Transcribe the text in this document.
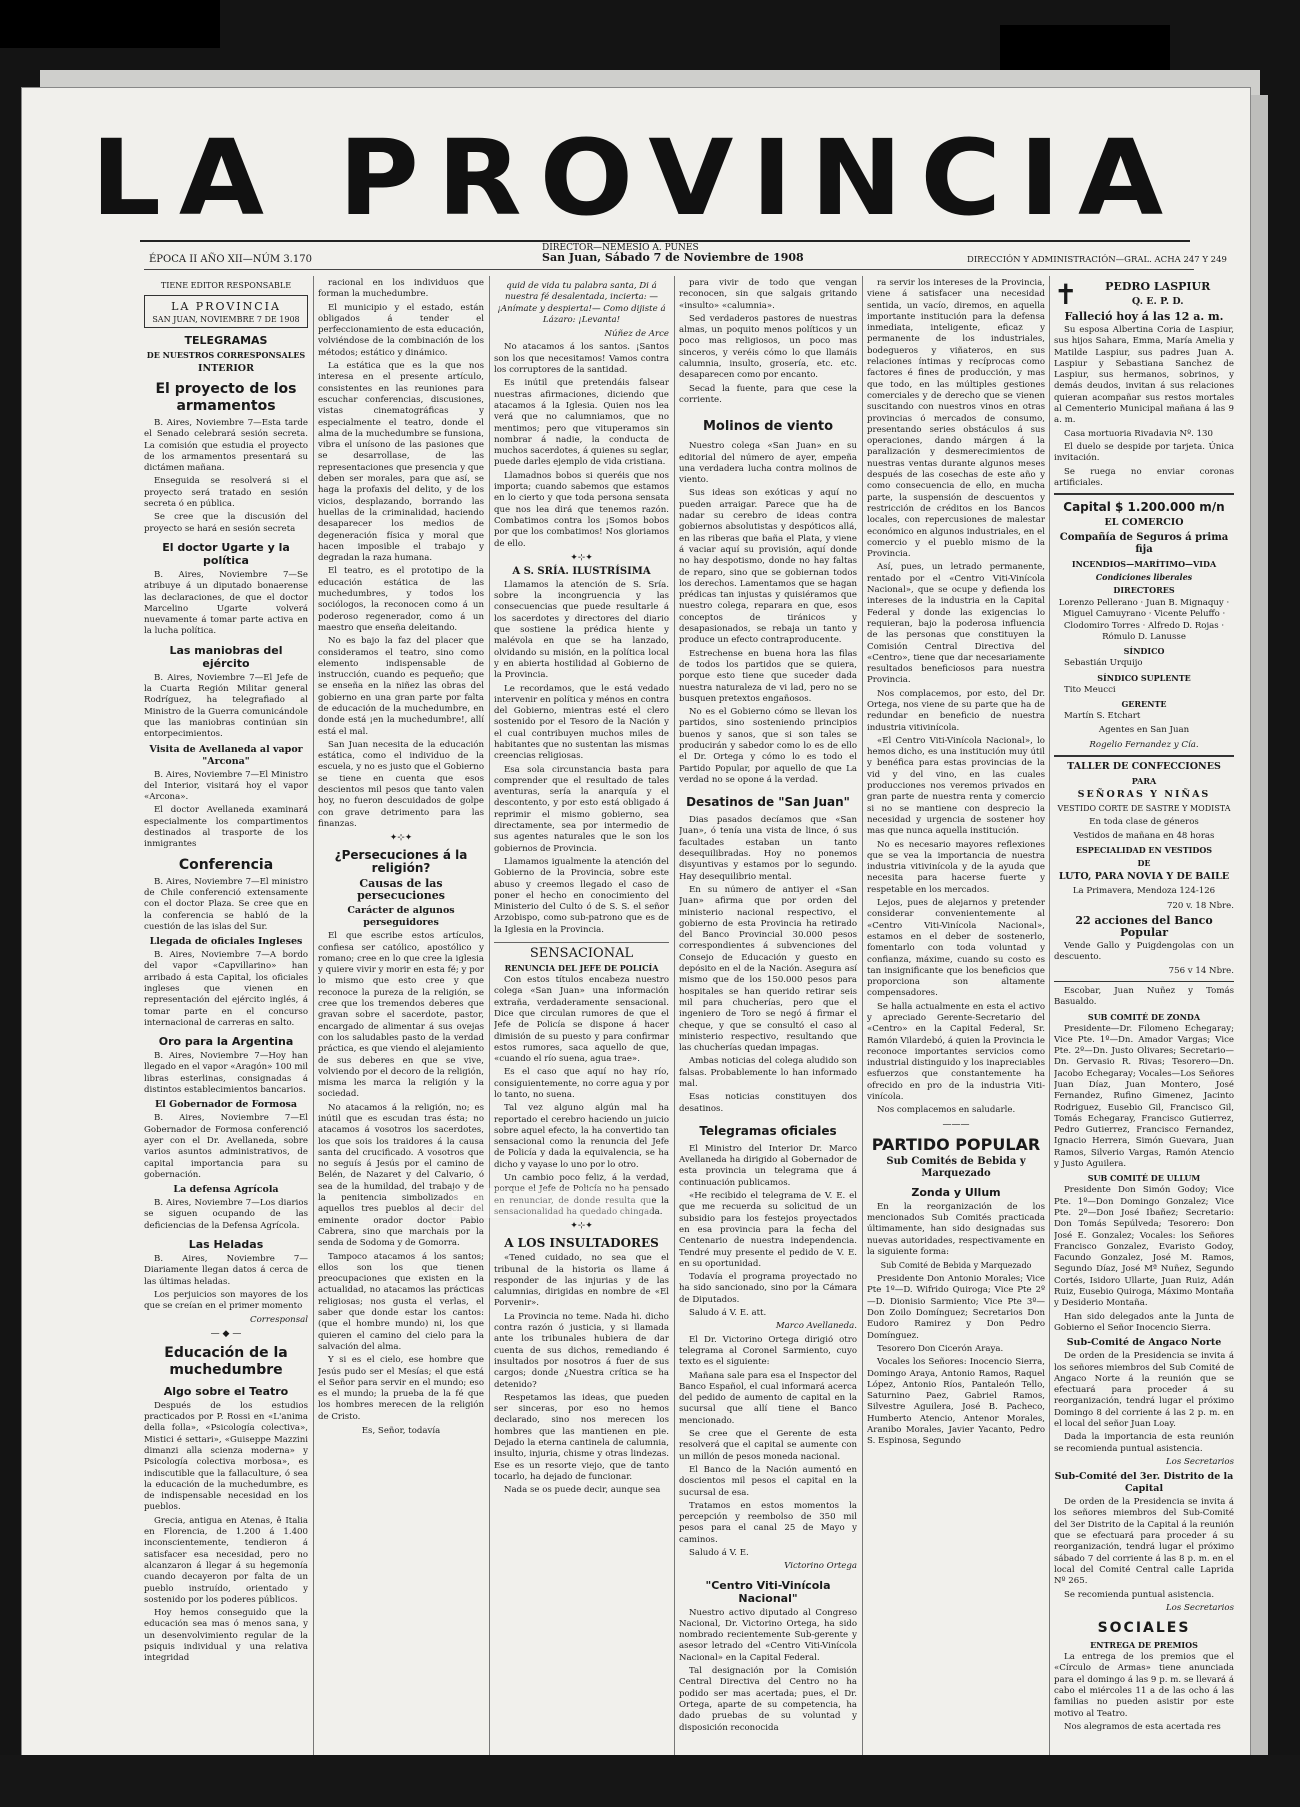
LA PROVINCIA
DIRECTOR—NEMESIO A. PUNES
ÉPOCA II AÑO XII—NÚM 3.170	San Juan, Sábado 7 de Noviembre de 1908	DIRECCIÓN Y ADMINISTRACIÓN—GRAL. ACHA 247 Y 249

TIENE EDITOR RESPONSABLE

LA PROVINCIA
SAN JUAN, NOVIEMBRE 7 DE 1908
TELEGRAMAS
DE NUESTROS CORRESPONSALES
INTERIOR
El proyecto de los armamentos

B. Aires, Noviembre 7—Esta tarde el Senado celebrará sesión secreta. La comisión que estudia el proyecto de los armamentos presentará su dictámen mañana.

Enseguida se resolverá si el proyecto será tratado en sesión secreta ó en pública.

Se cree que la discusión del proyecto se hará en sesión secreta

El doctor Ugarte y la política

B. Aires, Noviembre 7—Se atribuye á un diputado bonaerense las declaraciones, de que el doctor Marcelino Ugarte volverá nuevamente á tomar parte activa en la lucha política.

Las maniobras del ejército

B. Aires, Noviembre 7—El Jefe de la Cuarta Región Militar general Rodríguez, ha telegrafiado al Ministro de la Guerra comunicándole que las maniobras continúan sin entorpecimientos.

Visita de Avellaneda al vapor "Arcona"

B. Aires, Noviembre 7—El Ministro del Interior, visitará hoy el vapor «Arcona».

El doctor Avellaneda examinará especialmente los compartimentos destinados al trasporte de los inmigrantes

Conferencia

B. Aires, Noviembre 7—El ministro de Chile conferenció extensamente con el doctor Plaza. Se cree que en la conferencia se habló de la cuestión de las islas del Sur.

Llegada de oficiales Ingleses

B. Aires, Noviembre 7—A bordo del vapor «Capvillarino» han arribado á esta Capital, los oficiales ingleses que vienen en representación del ejército inglés, á tomar parte en el concurso internacional de carreras en salto.

Oro para la Argentina

B. Aires, Noviembre 7—Hoy han llegado en el vapor «Aragón» 100 mil libras esterlinas, consignadas á distintos establecimientos bancarios.

El Gobernador de Formosa

B. Aires, Noviembre 7—El Gobernador de Formosa conferenció ayer con el Dr. Avellaneda, sobre varios asuntos administrativos, de capital importancia para su gobernación.

La defensa Agrícola

B. Aires, Noviembre 7—Los diarios se siguen ocupando de las deficiencias de la Defensa Agrícola.

Las Heladas

B. Aires, Noviembre 7—Diariamente llegan datos á cerca de las últimas heladas.

Los perjuicios son mayores de los que se creían en el primer momento

Corresponsal

— ◆ —
Educación de la muchedumbre
Algo sobre el Teatro

Después de los estudios practicados por P. Rossi en «L'anima della folla», «Psicología colectiva», Mistici é settari», «Guiseppe Mazzini dimanzi alla scienza moderna» y Psicología colectiva morbosa», es indiscutible que la fallaculture, ó sea la educación de la muchedumbre, es de indispensable necesidad en los pueblos.

Grecia, antigua en Atenas, ê Italia en Florencia, de 1.200 á 1.400 inconscientemente, tendieron á satisfacer esa necesidad, pero no alcanzaron á llegar á su hegemonía cuando decayeron por falta de un pueblo instruído, orientado y sostenido por los poderes públicos.

Hoy hemos conseguido que la educación sea mas ó menos sana, y un desenvolvimiento regular de la psiquis individual y una relativa integridad

racional en los individuos que forman la muchedumbre.

El municipio y el estado, están obligados á tender el perfeccionamiento de esta educación, volviéndose de la combinación de los métodos; estático y dinámico.

La estática que es la que nos interesa en el presente artículo, consistentes en las reuniones para escuchar conferencias, discusiones, vistas cinematográficas y especialmente el teatro, donde el alma de la muchedumbre se funsiona, vibra el unísono de las pasiones que se desarrollase, de las representaciones que presencia y que deben ser morales, para que así, se haga la profaxis del delito, y de los vicios, desplazando, borrando las huellas de la criminalidad, haciendo desaparecer los medios de degeneración física y moral que hacen imposible el trabajo y degradan la raza humana.

El teatro, es el prototipo de la educación estática de las muchedumbres, y todos los sociólogos, la reconocen como á un poderoso regenerador, como á un maestro que enseña deleitando.

No es bajo la faz del placer que consideramos el teatro, sino como elemento indispensable de instrucción, cuando es pequeño; que se enseña en la niñez las obras del gobierno en una gran parte por falta de educación de la muchedumbre, en donde está ¡en la muchedumbre!, allí está el mal.

San Juan necesita de la educación estática, como el individuo de la escuela, y no es justo que el Gobierno se tiene en cuenta que esos descientos mil pesos que tanto valen hoy, no fueron descuidados de golpe con grave detrimento para las finanzas.

✦⊹✦
¿Persecuciones á la religión?
Causas de las persecuciones
Carácter de algunos perseguidores

El que escribe estos artículos, confiesa ser católico, apostólico y romano; cree en lo que cree la iglesia y quiere vivir y morir en esta fé; y por lo mismo que esto cree y que reconoce la pureza de la religión, se cree que los tremendos deberes que gravan sobre el sacerdote, pastor, encargado de alimentar á sus ovejas con los saludables pasto de la verdad práctica, es que viendo el alejamiento de sus deberes en que se vive, volviendo por el decoro de la religión, misma les marca la religión y la sociedad.

No atacamos á la religión, no; es inútil que es escudan tras ésta; no atacamos á vosotros los sacerdotes, los que sois los traidores á la causa santa del crucificado. A vosotros que no seguís á Jesús por el camino de Belén, de Nazaret y del Calvario, ó sea de la humildad, del trabajo y de la penitencia simbolizados en aquellos tres pueblos al decir del eminente orador doctor Pablo Cabrera, sino que marchais por la senda de Sodoma y de Gomorra.

Tampoco atacamos á los santos; ellos son los que tienen preocupaciones que existen en la actualidad, no atacamos las prácticas religiosas; nos gusta el verlas, el saber que donde estar los cantos: (que el hombre mundo) ni, los que quieren el camino del cielo para la salvación del alma.

Y si es el cielo, ese hombre que Jesús pudo ser el Mesías; el que está el Señor para servir en el mundo; eso es el mundo; la prueba de la fé que los hombres merecen de la religión de Cristo.

Es, Señor, todavía

quid de vida tu palabra santa, Di á nuestra fé desalentada, incierta: —¡Anímate y despierta!— Como dijiste á Lázaro: ¡Levanta!

Núñez de Arce

No atacamos á los santos. ¡Santos son los que necesitamos! Vamos contra los corruptores de la santidad.

Es inútil que pretendáis falsear nuestras afirmaciones, diciendo que atacamos á la Iglesia. Quien nos lea verá que no calumniamos, que no mentimos; pero que vituperamos sin nombrar á nadie, la conducta de muchos sacerdotes, á quienes su seglar, puede darles ejemplo de vida cristiana.

Llamadnos bobos si queréis que nos importa; cuando sabemos que estamos en lo cierto y que toda persona sensata que nos lea dirá que tenemos razón. Combatimos contra los ¡Somos bobos por que los combatimos! Nos gloriamos de ello.

✦⊹✦
A S. SRÍA. ILUSTRÍSIMA

Llamamos la atención de S. Sría. sobre la incongruencia y las consecuencias que puede resultarle á los sacerdotes y directores del diario que sostiene la prédica hiente y malévola en que se ha lanzado, olvidando su misión, en la política local y en abierta hostilidad al Gobierno de la Provincia.

Le recordamos, que le está vedado intervenir en política y ménos en contra del Gobierno, mientras esté el clero sostenido por el Tesoro de la Nación y el cual contribuyen muchos miles de habitantes que no sustentan las mismas creencias religiosas.

Esa sola circunstancia basta para comprender que el resultado de tales aventuras, sería la anarquía y el descontento, y por esto está obligado á reprimir el mismo gobierno, sea directamente, sea por intermedio de sus agentes naturales que le son los gobiernos de Provincia.

Llamamos igualmente la atención del Gobierno de la Provincia, sobre este abuso y creemos llegado el caso de poner el hecho en conocimiento del Ministerio del Culto ó de S. S. el señor Arzobispo, como sub-patrono que es de la Iglesia en la Provincia.

SENSACIONAL
RENUNCIA DEL JEFE DE POLICÍA

Con estos títulos encabeza nuestro colega «San Juan» una información extraña, verdaderamente sensacional. Dice que circulan rumores de que el Jefe de Policía se dispone á hacer dimisión de su puesto y para confirmar estos rumores, saca aquello de que, «cuando el río suena, agua trae».

Es el caso que aquí no hay río, consiguientemente, no corre agua y por lo tanto, no suena.

Tal vez alguno algún mal ha reportado el cerebro haciendo un juicio sobre aquel efecto, la ha convertido tan sensacional como la renuncia del Jefe de Policía y dada la equivalencia, se ha dicho y vayase lo uno por lo otro.

Un cambio poco feliz, á la verdad, porque el Jefe de Policía no ha pensado en renunciar, de donde resulta que la sensacionalidad ha quedado chingada.

✦⊹✦
A LOS INSULTADORES

«Tened cuidado, no sea que el tribunal de la historia os llame á responder de las injurias y de las calumnias, dirigidas en nombre de «El Porvenir».

La Provincia no teme. Nada hi. dicho contra razón ó justicia, y si llamada ante los tribunales hubiera de dar cuenta de sus dichos, remediando é insultados por nosotros á fuer de sus cargos; donde ¿Nuestra crítica se ha detenido?

Respetamos las ideas, que pueden ser sinceras, por eso no hemos declarado, sino nos merecen los hombres que las mantienen en pie. Dejado la eterna cantinela de calumnia, insulto, injuria, chisme y otras lindezas. Ese es un resorte viejo, que de tanto tocarlo, ha dejado de funcionar.

Nada se os puede decir, aunque sea

para vivir de todo que vengan reconocen, sin que salgais gritando «insulto» «calumnia».

Sed verdaderos pastores de nuestras almas, un poquito menos políticos y un poco mas religiosos, un poco mas sinceros, y veréis cómo lo que llamáis calumnia, insulto, grosería, etc. etc. desaparecen como por encanto.

Secad la fuente, para que cese la corriente.

Molinos de viento

Nuestro colega «San Juan» en su editorial del número de ayer, empeña una verdadera lucha contra molinos de viento.

Sus ideas son exóticas y aquí no pueden arraigar. Parece que ha de nadar su cerebro de ideas contra gobiernos absolutistas y despóticos allá, en las riberas que baña el Plata, y viene á vaciar aquí su provisión, aquí donde no hay despotismo, donde no hay faltas de reparo, sino que se gobiernan todos los derechos. Lamentamos que se hagan prédicas tan injustas y quisiéramos que nuestro colega, reparara en que, esos conceptos de tiránicos y desapasionados, se rebaja un tanto y produce un efecto contraproducente.

Estrechense en buena hora las filas de todos los partidos que se quiera, porque esto tiene que suceder dada nuestra naturaleza de vi lad, pero no se busquen pretextos engañosos.

No es el Gobierno cómo se llevan los partidos, sino sosteniendo principios buenos y sanos, que si son tales se producirán y sabedor como lo es de ello el Dr. Ortega y cómo lo es todo el Partido Popular, por aquello de que La verdad no se opone á la verdad.

Desatinos de "San Juan"

Dias pasados decíamos que «San Juan», ó tenía una vista de lince, ó sus facultades estaban un tanto desequilibradas. Hoy no ponemos disyuntivas y estamos por lo segundo. Hay desequilibrio mental.

En su número de antiyer el «San Juan» afirma que por orden del ministerio nacional respectivo, el gobierno de esta Provincia ha retirado del Banco Provincial 30.000 pesos correspondientes á subvenciones del Consejo de Educación y guesto en depósito en el de la Nación. Asegura así mismo que de los 150.000 pesos para hospitales se han querido retirar seis mil para chucherías, pero que el ingeniero de Toro se negó á firmar el cheque, y que se consultó el caso al ministerio respectivo, resultando que las chucherías quedan impagas.

Ambas noticias del colega aludido son falsas. Probablemente lo han informado mal.

Esas noticias constituyen dos desatinos.

Telegramas oficiales

El Ministro del Interior Dr. Marco Avellaneda ha dirigido al Gobernador de esta provincia un telegrama que á continuación publicamos.

«He recibido el telegrama de V. E. el que me recuerda su solicitud de un subsidio para los festejos proyectados en esa provincia para la fecha del Centenario de nuestra independencia. Tendré muy presente el pedido de V. E. en su oportunidad.

Todavía el programa proyectado no ha sido sancionado, sino por la Cámara de Diputados.

Saludo á V. E. att.

Marco Avellaneda.

El Dr. Victorino Ortega dirigió otro telegrama al Coronel Sarmiento, cuyo texto es el siguiente:

Mañana sale para esa el Inspector del Banco Español, el cual informará acerca del pedido de aumento de capital en la sucursal que allí tiene el Banco mencionado.

Se cree que el Gerente de esta resolverá que el capital se aumente con un millón de pesos moneda nacional.

El Banco de la Nación aumentó en doscientos mil pesos el capital en la sucursal de esa.

Tratamos en estos momentos la percepción y reembolso de 350 mil pesos para el canal 25 de Mayo y caminos.

Saludo á V. E.

Victorino Ortega

"Centro Viti-Vinícola Nacional"

Nuestro activo diputado al Congreso Nacional, Dr. Victorino Ortega, ha sido nombrado recientemente Sub-gerente y asesor letrado del «Centro Viti-Vinícola Nacional» en la Capital Federal.

Tal designación por la Comisión Central Directiva del Centro no ha podido ser mas acertada; pues, el Dr. Ortega, aparte de su competencia, ha dado pruebas de su voluntad y disposición reconocida

ra servir los intereses de la Provincia, viene á satisfacer una necesidad sentida, un vacío, diremos, en aquella importante institución para la defensa inmediata, inteligente, eficaz y permanente de los industriales, bodegueros y viñateros, en sus relaciones íntimas y recíprocas como factores é fines de producción, y mas que todo, en las múltiples gestiones comerciales y de derecho que se vienen suscitando con nuestros vinos en otras provincias ó mercados de consumo, presentando series obstáculos á sus operaciones, dando márgen á la paralización y desmerecimientos de nuestras ventas durante algunos meses después de las cosechas de este año y como consecuencia de ello, en mucha parte, la suspensión de descuentos y restricción de créditos en los Bancos locales, con repercusiones de malestar económico en algunos industriales, en el comercio y el pueblo mismo de la Provincia.

Así, pues, un letrado permanente, rentado por el «Centro Viti-Vinícola Nacional», que se ocupe y defienda los intereses de la industria en la Capital Federal y donde las exigencias lo requieran, bajo la poderosa influencia de las personas que constituyen la Comisión Central Directiva del «Centro», tiene que dar necesariamente resultados beneficiosos para nuestra Provincia.

Nos complacemos, por esto, del Dr. Ortega, nos viene de su parte que ha de redundar en beneficio de nuestra industria vitivinícola.

«El Centro Viti-Vinícola Nacional», lo hemos dicho, es una institución muy útil y benéfica para estas provincias de la vid y del vino, en las cuales producciones nos veremos privados en gran parte de nuestra renta y comercio si no se mantiene con desprecio la necesidad y urgencia de sostener hoy mas que nunca aquella institución.

No es necesario mayores reflexiones que se vea la importancia de nuestra industria vitivinícola y de la ayuda que necesita para hacerse fuerte y respetable en los mercados.

Lejos, pues de alejarnos y pretender considerar convenientemente al «Centro Viti-Vinícola Nacional», estamos en el deber de sostenerlo, fomentarlo con toda voluntad y confianza, máxime, cuando su costo es tan insignificante que los beneficios que proporciona son altamente compensadores.

Se halla actualmente en esta el activo y apreciado Gerente-Secretario del «Centro» en la Capital Federal, Sr. Ramón Vilardebó, á quien la Provincia le reconoce importantes servicios como industrial distinguido y los inapreciables esfuerzos que constantemente ha ofrecido en pro de la industria Viti-vinícola.

Nos complacemos en saludarle.

———
PARTIDO POPULAR
Sub Comités de Bebida y Marquezado
Zonda y Ullum

En la reorganización de los mencionados Sub Comités practicada últimamente, han sido designadas sus nuevas autoridades, respectivamente en la siguiente forma:

Sub Comité de Bebida y Marquezado

Presidente Don Antonio Morales; Vice Pte 1º—D. Wifrido Quiroga; Vice Pte 2º—D. Dionisio Sarmiento; Vice Pte 3º—Don Zoilo Domínguez; Secretarios Don Eudoro Ramirez y Don Pedro Domínguez.

Tesorero Don Cicerón Araya.

Vocales los Señores: Inocencio Sierra, Domingo Araya, Antonio Ramos, Raquel López, Antonio Ríos, Pantaleón Tello, Saturnino Paez, Gabriel Ramos, Silvestre Aguilera, José B. Pacheco, Humberto Atencio, Antenor Morales, Aranibo Morales, Javier Yacanto, Pedro S. Espinosa, Segundo

✝	PEDRO LASPIUR
Q. E. P. D.
Falleció hoy á las 12 a. m.

Su esposa Albertina Coria de Laspiur, sus hijos Sahara, Emma, María Amelia y Matilde Laspiur, sus padres Juan A. Laspiur y Sebastiana Sanchez de Laspiur, sus hermanos, sobrinos, y demás deudos, invitan á sus relaciones quieran acompañar sus restos mortales al Cementerio Municipal mañana á las 9 a. m.

Casa mortuoria Rivadavia Nº. 130

El duelo se despide por tarjeta. Única invitación.

Se ruega no enviar coronas artificiales.

Capital $ 1.200.000 m/n
EL COMERCIO
Compañía de Seguros á prima fija
INCENDIOS—MARÍTIMO—VIDA
Condiciones liberales
DIRECTORES

Lorenzo Pellerano · Juan B. Mignaquy · Miguel Camuyrano · Vicente Peluffo · Clodomiro Torres · Alfredo D. Rojas · Rómulo D. Lanusse

SÍNDICO

Sebastián Urquijo

SÍNDICO SUPLENTE

Tito Meucci

GERENTE

Martín S. Etchart

Agentes en San Juan

Rogelio Fernandez y Cía.

TALLER DE CONFECCIONES
PARA
SEÑORAS Y NIÑAS

VESTIDO CORTE DE SASTRE Y MODISTA

En toda clase de géneros

Vestidos de mañana en 48 horas

ESPECIALIDAD EN VESTIDOS
DE
LUTO, PARA NOVIA Y DE BAILE

La Primavera, Mendoza 124-126

720 v. 18 Nbre.

22 acciones del Banco Popular

Vende Gallo y Puigdengolas con un descuento.

756 v 14 Nbre.

Escobar, Juan Nuñez y Tomás Basualdo.

SUB COMITÉ DE ZONDA

Presidente—Dr. Filomeno Echegaray; Vice Pte. 1º—Dn. Amador Vargas; Vice Pte. 2º—Dn. Justo Olivares; Secretario—Dn. Gervasio R. Rivas; Tesorero—Dn. Jacobo Echegaray; Vocales—Los Señores Juan Díaz, Juan Montero, José Fernandez, Rufino Gimenez, Jacinto Rodriguez, Eusebio Gil, Francisco Gil, Tomás Echegaray, Francisco Gutierrez, Pedro Gutierrez, Francisco Fernandez, Ignacio Herrera, Simón Guevara, Juan Ramos, Silverio Vargas, Ramón Atencio y Justo Aguilera.

SUB COMITÉ DE ULLUM

Presidente Don Simón Godoy; Vice Pte. 1º—Don Domingo Gonzalez; Vice Pte. 2º—Don José Ibañez; Secretario: Don Tomás Sepúlveda; Tesorero: Don José E. Gonzalez; Vocales: los Señores Francisco Gonzalez, Evaristo Godoy, Facundo Gonzalez, José M. Ramos, Segundo Díaz, José Mª Nuñez, Segundo Cortés, Isidoro Ullarte, Juan Ruiz, Adán Ruiz, Eusebio Quiroga, Máximo Montaña y Desiderio Montaña.

Han sido delegados ante la Junta de Gobierno el Señor Inocencio Sierra.

Sub-Comité de Angaco Norte

De orden de la Presidencia se invita á los señores miembros del Sub Comité de Angaco Norte á la reunión que se efectuará para proceder á su reorganización, tendrá lugar el próximo Domingo 8 del corriente á las 2 p. m. en el local del señor Juan Loay.

Dada la importancia de esta reunión se recomienda puntual asistencia.

Los Secretarios

Sub-Comité del 3er. Distrito de la Capital

De orden de la Presidencia se invita á los señores miembros del Sub-Comité del 3er Distrito de la Capital á la reunión que se efectuará para proceder á su reorganización, tendrá lugar el próximo sábado 7 del corriente á las 8 p. m. en el local del Comité Central calle Laprida Nº 265.

Se recomienda puntual asistencia.

Los Secretarios

SOCIALES
ENTREGA DE PREMIOS

La entrega de los premios que el «Círculo de Armas» tiene anunciada para el domingo á las 9 p. m. se llevará á cabo el miércoles 11 a de las ocho á las familias no pueden asistir por este motivo al Teatro.

Nos alegramos de esta acertada res
